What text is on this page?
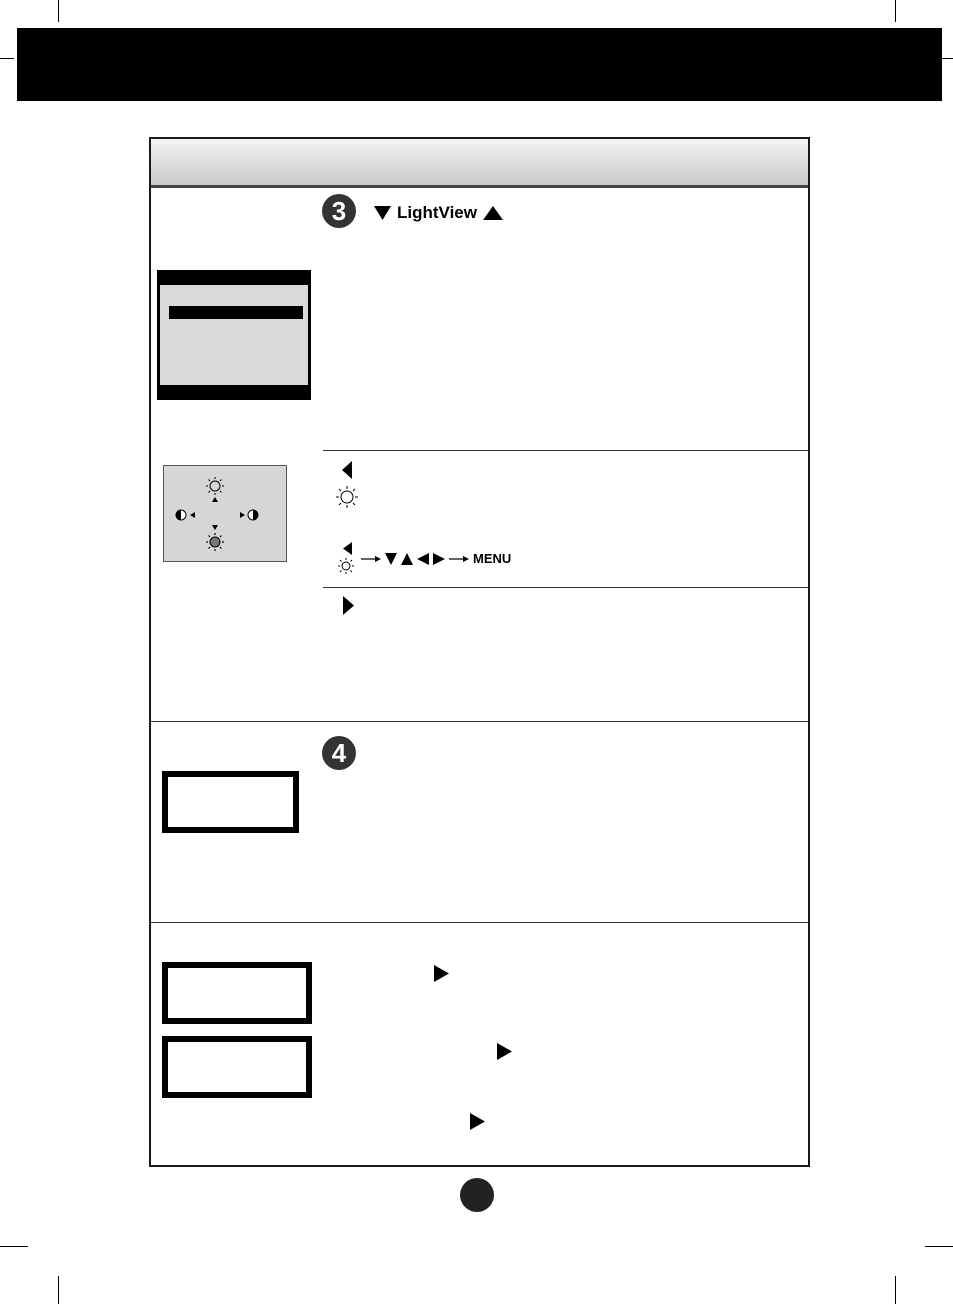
3	LightView
MENU
4
